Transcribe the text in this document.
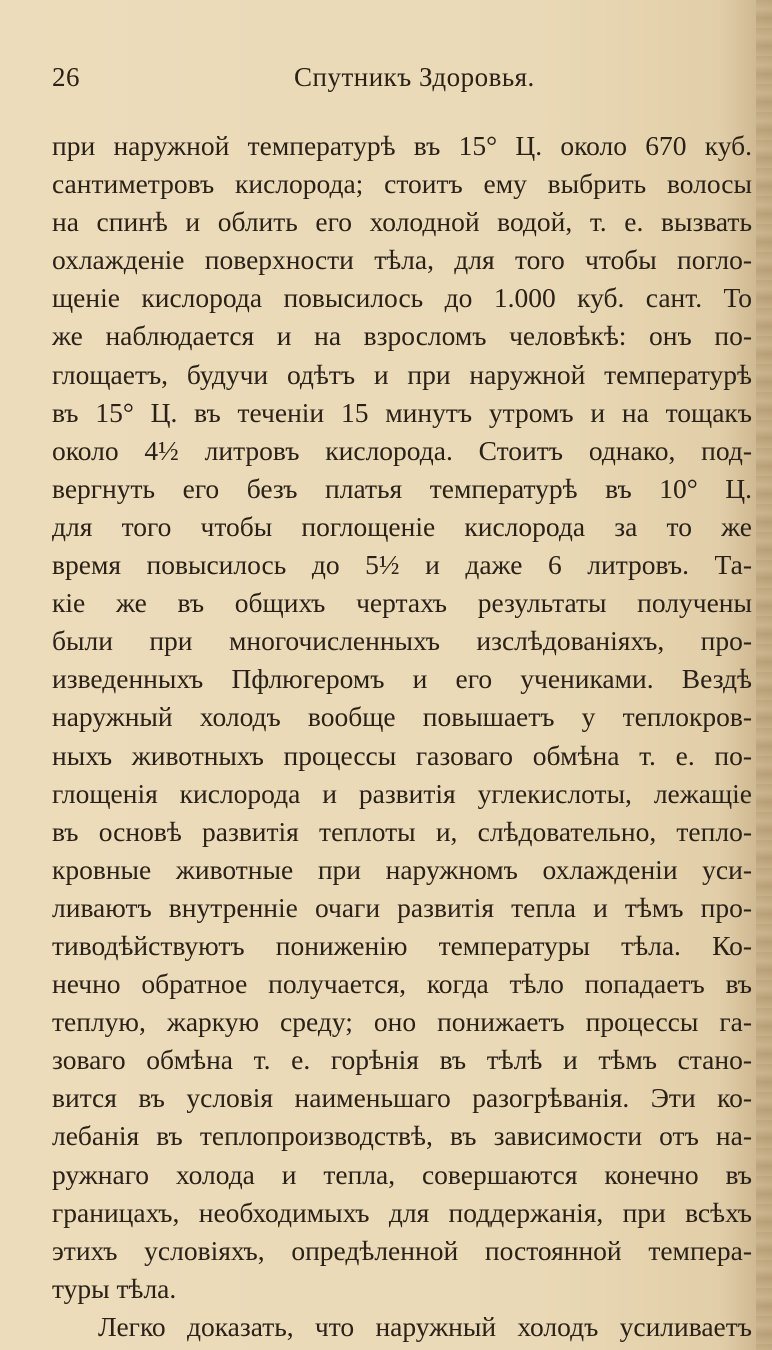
26	Спутникъ Здоровья.
при наружной температурѣ въ 15° Ц. около 670 куб.
сантиметровъ кислорода; стоитъ ему выбрить волосы
на спинѣ и облить его холодной водой, т. е. вызвать
охлажденіе поверхности тѣла, для того чтобы погло-
щеніе кислорода повысилось до 1.000 куб. сант. То
же наблюдается и на взросломъ человѣкѣ: онъ по-
глощаетъ, будучи одѣтъ и при наружной температурѣ
въ 15° Ц. въ теченіи 15 минутъ утромъ и на тощакъ
около 4½ литровъ кислорода. Стоитъ однако, под-
вергнуть его безъ платья температурѣ въ 10° Ц.
для того чтобы поглощеніе кислорода за то же
время повысилось до 5½ и даже 6 литровъ. Та-
кіе же въ общихъ чертахъ результаты получены
были при многочисленныхъ изслѣдованіяхъ, про-
изведенныхъ Пфлюгеромъ и его учениками. Вездѣ
наружный холодъ вообще повышаетъ у теплокров-
ныхъ животныхъ процессы газоваго обмѣна т. е. по-
глощенія кислорода и развитія углекислоты, лежащіе
въ основѣ развитія теплоты и, слѣдовательно, тепло-
кровные животные при наружномъ охлажденіи уси-
ливаютъ внутренніе очаги развитія тепла и тѣмъ про-
тиводѣйствуютъ пониженію температуры тѣла. Ко-
нечно обратное получается, когда тѣло попадаетъ въ
теплую, жаркую среду; оно понижаетъ процессы га-
зоваго обмѣна т. е. горѣнія въ тѣлѣ и тѣмъ стано-
вится въ условія наименьшаго разогрѣванія. Эти ко-
лебанія въ теплопроизводствѣ, въ зависимости отъ на-
ружнаго холода и тепла, совершаются конечно въ
границахъ, необходимыхъ для поддержанія, при всѣхъ
этихъ условіяхъ, опредѣленной постоянной темпера-
туры тѣла.
Легко доказать, что наружный холодъ усиливаетъ
